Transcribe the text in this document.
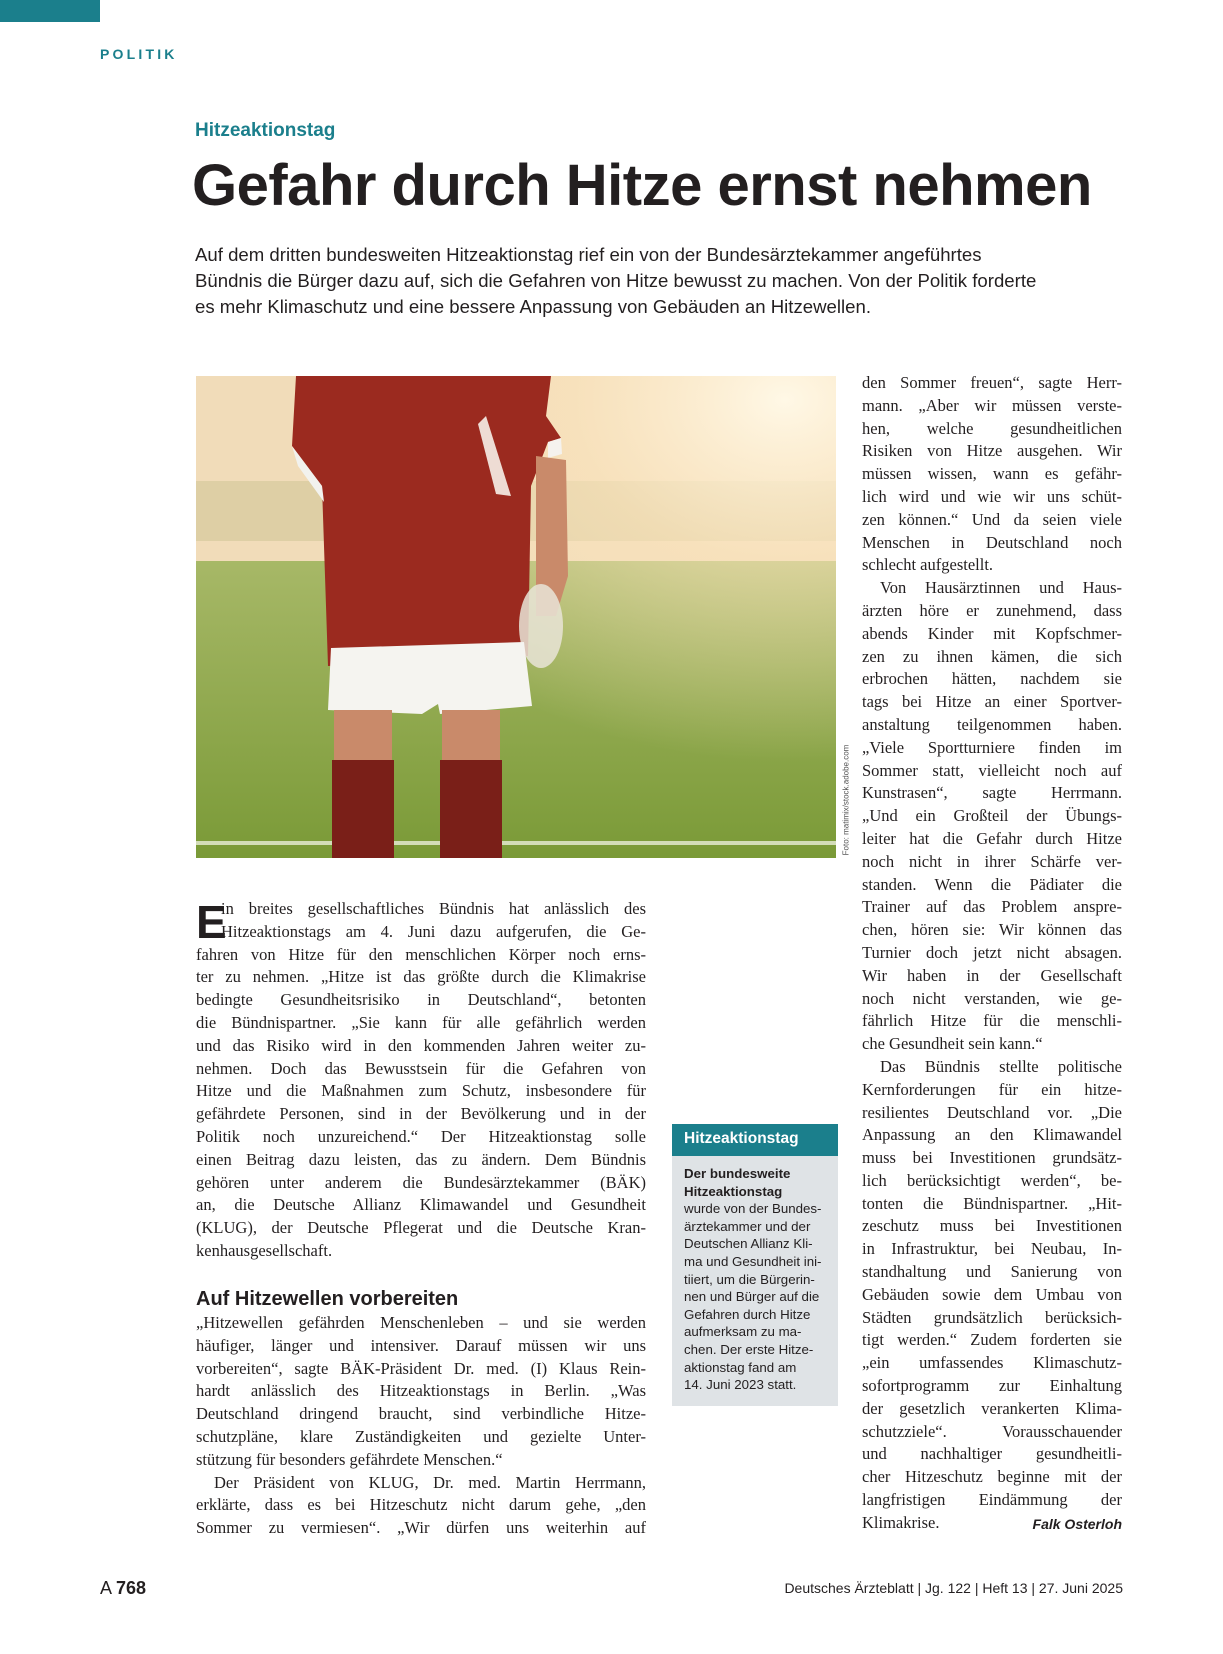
POLITIK
Hitzeaktionstag
Gefahr durch Hitze ernst nehmen
Auf dem dritten bundesweiten Hitzeaktionstag rief ein von der Bundesärztekammer angeführtes
Bündnis die Bürger dazu auf, sich die Gefahren von Hitze bewusst zu machen. Von der Politik forderte
es mehr Klimaschutz und eine bessere Anpassung von Gebäuden an Hitzewellen.
Foto: matimix/stock.adobe.com
E
in breites gesellschaftliches Bündnis hat anlässlich des
Hitzeaktionstags am 4. Juni dazu aufgerufen, die Ge-
fahren von Hitze für den menschlichen Körper noch erns-
ter zu nehmen. „Hitze ist das größte durch die Klimakrise
bedingte Gesundheitsrisiko in Deutschland“, betonten
die Bündnispartner. „Sie kann für alle gefährlich werden
und das Risiko wird in den kommenden Jahren weiter zu-
nehmen. Doch das Bewusstsein für die Gefahren von
Hitze und die Maßnahmen zum Schutz, insbesondere für
gefährdete Personen, sind in der Bevölkerung und in der
Politik noch unzureichend.“ Der Hitzeaktionstag solle
einen Beitrag dazu leisten, das zu ändern. Dem Bündnis
gehören unter anderem die Bundesärztekammer (BÄK)
an, die Deutsche Allianz Klimawandel und Gesundheit
(KLUG), der Deutsche Pflegerat und die Deutsche Kran-
kenhausgesellschaft.
Auf Hitzewellen vorbereiten
„Hitzewellen gefährden Menschenleben – und sie werden
häufiger, länger und intensiver. Darauf müssen wir uns
vorbereiten“, sagte BÄK-Präsident Dr. med. (I) Klaus Rein-
hardt anlässlich des Hitzeaktionstags in Berlin. „Was
Deutschland dringend braucht, sind verbindliche Hitze-
schutzpläne, klare Zuständigkeiten und gezielte Unter-
stützung für besonders gefährdete Menschen.“
Der Präsident von KLUG, Dr. med. Martin Herrmann,
erklärte, dass es bei Hitzeschutz nicht darum gehe, „den
Sommer zu vermiesen“. „Wir dürfen uns weiterhin auf
Hitzeaktionstag
Der bundesweite
Hitzeaktionstag
wurde von der Bundes-
ärztekammer und der
Deutschen Allianz Kli-
ma und Gesundheit ini-
tiiert, um die Bürgerin-
nen und Bürger auf die
Gefahren durch Hitze
aufmerksam zu ma-
chen. Der erste Hitze-
aktionstag fand am
14. Juni 2023 statt.
den Sommer freuen“, sagte Herr-
mann. „Aber wir müssen verste-
hen, welche gesundheitlichen
Risiken von Hitze ausgehen. Wir
müssen wissen, wann es gefähr-
lich wird und wie wir uns schüt-
zen können.“ Und da seien viele
Menschen in Deutschland noch
schlecht aufgestellt.
Von Hausärztinnen und Haus-
ärzten höre er zunehmend, dass
abends Kinder mit Kopfschmer-
zen zu ihnen kämen, die sich
erbrochen hätten, nachdem sie
tags bei Hitze an einer Sportver-
anstaltung teilgenommen haben.
„Viele Sportturniere finden im
Sommer statt, vielleicht noch auf
Kunstrasen“, sagte Herrmann.
„Und ein Großteil der Übungs-
leiter hat die Gefahr durch Hitze
noch nicht in ihrer Schärfe ver-
standen. Wenn die Pädiater die
Trainer auf das Problem anspre-
chen, hören sie: Wir können das
Turnier doch jetzt nicht absagen.
Wir haben in der Gesellschaft
noch nicht verstanden, wie ge-
fährlich Hitze für die menschli-
che Gesundheit sein kann.“
Das Bündnis stellte politische
Kernforderungen für ein hitze-
resilientes Deutschland vor. „Die
Anpassung an den Klimawandel
muss bei Investitionen grundsätz-
lich berücksichtigt werden“, be-
tonten die Bündnispartner. „Hit-
zeschutz muss bei Investitionen
in Infrastruktur, bei Neubau, In-
standhaltung und Sanierung von
Gebäuden sowie dem Umbau von
Städten grundsätzlich berücksich-
tigt werden.“ Zudem forderten sie
„ein umfassendes Klimaschutz-
sofortprogramm zur Einhaltung
der gesetzlich verankerten Klima-
schutzziele“. Vorausschauender
und nachhaltiger gesundheitli-
cher Hitzeschutz beginne mit der
langfristigen Eindämmung der
Klimakrise.	Falk Osterloh
A 768	Deutsches Ärzteblatt | Jg. 122 | Heft 13 | 27. Juni 2025
